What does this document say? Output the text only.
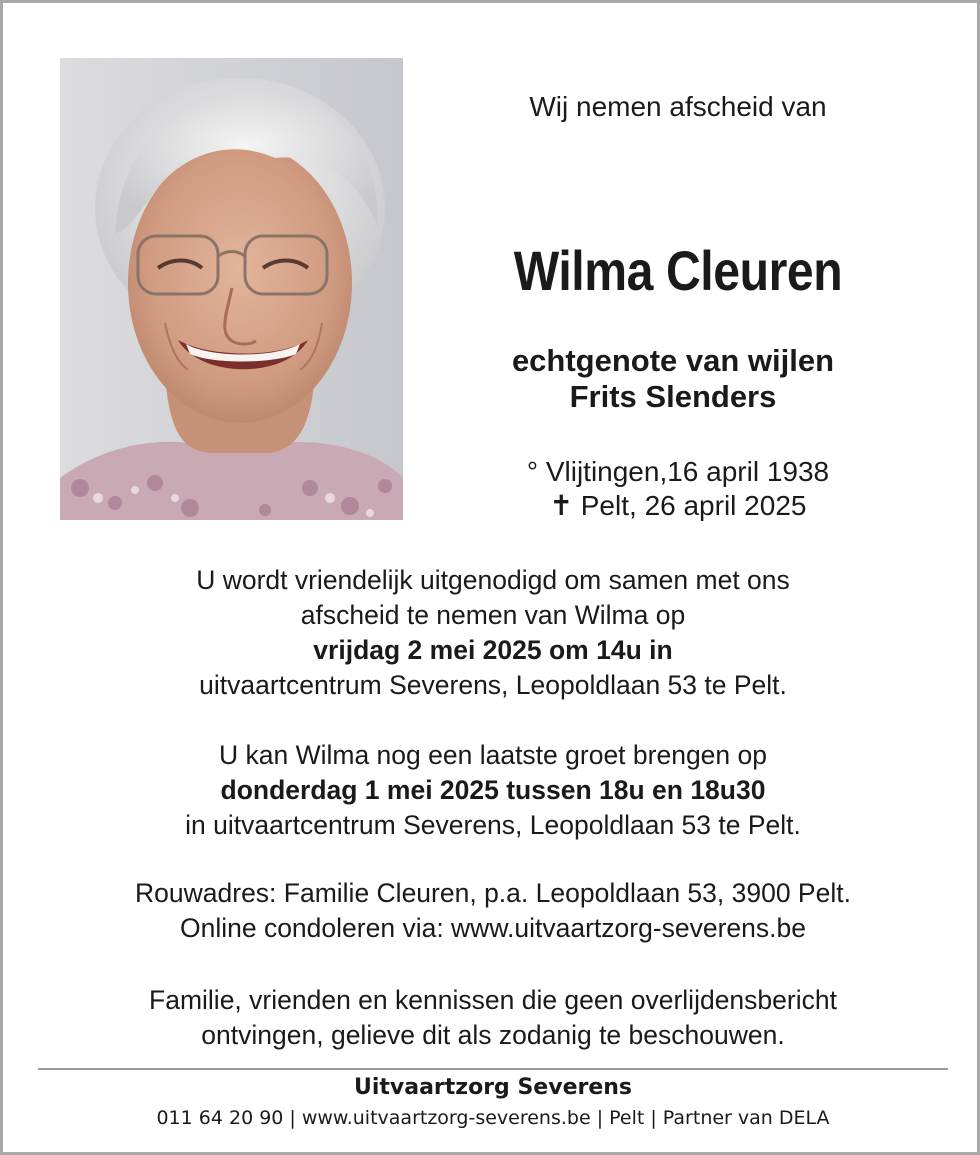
Wij nemen afscheid van
Wilma Cleuren
echtgenote van wijlen
Frits Slenders
° Vlijtingen,16 april 1938
✝ Pelt, 26 april 2025
U wordt vriendelijk uitgenodigd om samen met ons
afscheid te nemen van Wilma op
vrijdag 2 mei 2025 om 14u in
uitvaartcentrum Severens, Leopoldlaan 53 te Pelt.
U kan Wilma nog een laatste groet brengen op
donderdag 1 mei 2025 tussen 18u en 18u30
in uitvaartcentrum Severens, Leopoldlaan 53 te Pelt.
Rouwadres: Familie Cleuren, p.a. Leopoldlaan 53, 3900 Pelt.
Online condoleren via: www.uitvaartzorg-severens.be
Familie, vrienden en kennissen die geen overlijdensbericht
ontvingen, gelieve dit als zodanig te beschouwen.
Uitvaartzorg Severens
011 64 20 90 | www.uitvaartzorg-severens.be | Pelt | Partner van DELA
